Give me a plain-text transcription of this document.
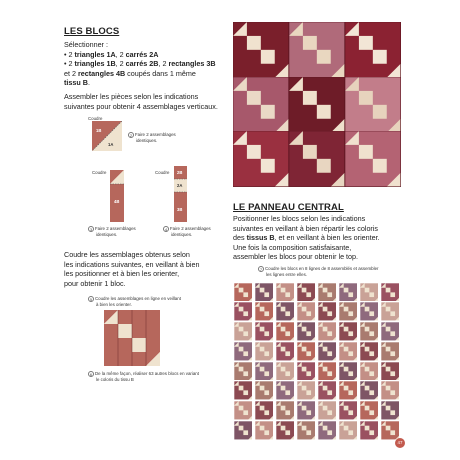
LES BLOCS
Sélectionner :
• 2 triangles 1A, 2 carrés 2A
• 2 triangles 1B, 2 carrés 2B, 2 rectangles 3B
et 2 rectangles 4B coupés dans 1 même
tissu B.
Assembler les pièces selon les indications
suivantes pour obtenir 4 assemblages verticaux.
Coudre
1B
1A
2 Faire 2 assemblages
identiques.
Coudre
4B
3 Faire 2 assemblages
identiques.
Coudre 2B
2A
3B
4 Faire 2 assemblages
identiques.
Coudre les assemblages obtenus selon
les indications suivantes, en veillant à bien
les positionner et à bien les orienter,
pour obtenir 1 bloc.
5 Coudre les assemblages en ligne en veillant
à bien les orienter.
6 De la même façon, réaliser 63 autres blocs en variant
le coloris du tissu B
LE PANNEAU CENTRAL
Positionner les blocs selon les indications
suivantes en veillant à bien répartir les coloris
des tissus B, et en veillant à bien les orienter.
Une fois la composition satisfaisante,
assembler les blocs pour obtenir le top.
7 Coudre les blocs en 8 lignes de 8 assemblés et assembler
les lignes entre elles.
47
